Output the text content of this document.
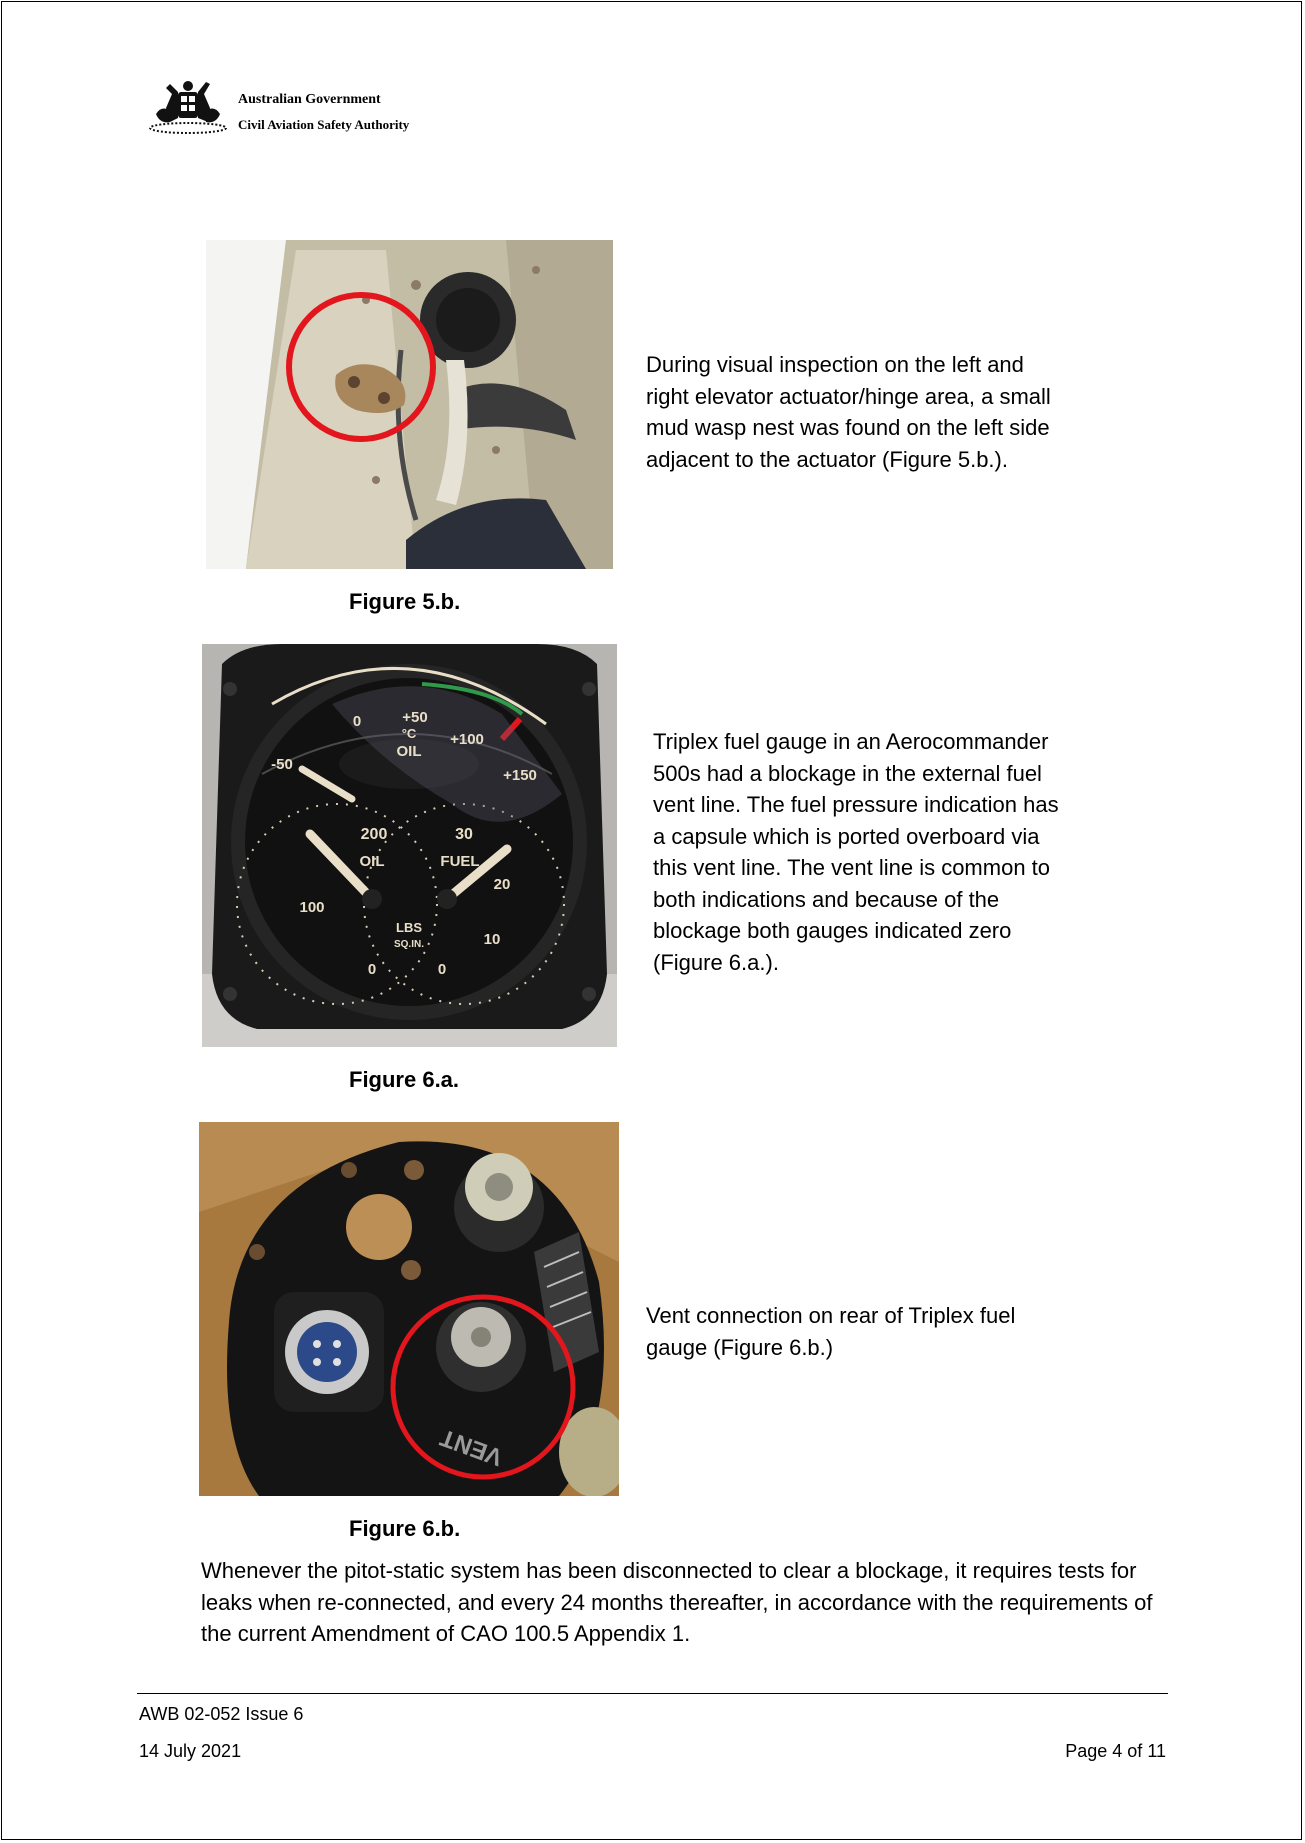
Australian Government
Civil Aviation Safety Authority
Figure 5.b.
During visual inspection on the left and right elevator actuator/hinge area, a small mud wasp nest was found on the left side adjacent to the actuator (Figure 5.b.).
0	+50
°C
OIL
+100
+150
-50
200
OIL
100
0
30
FUEL
20
10
0
LBS
SQ.IN.
Figure 6.a.
Triplex fuel gauge in an Aerocommander 500s had a blockage in the external fuel vent line. The fuel pressure indication has a capsule which is ported overboard via this vent line. The vent line is common to both indications and because of the blockage both gauges indicated zero (Figure 6.a.).
VENT
Figure 6.b.
Vent connection on rear of Triplex fuel gauge (Figure 6.b.)
Whenever the pitot-static system has been disconnected to clear a blockage, it requires tests for leaks when re-connected, and every 24 months thereafter, in accordance with the requirements of the current Amendment of CAO 100.5 Appendix 1.
AWB 02-052 Issue 6
14 July 2021	Page 4 of 11
